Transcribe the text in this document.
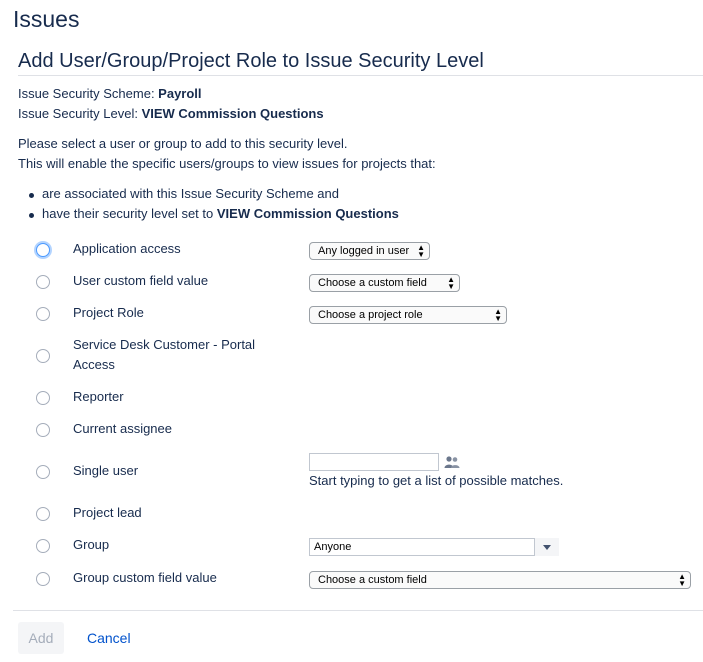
Issues
Add User/Group/Project Role to Issue Security Level
Issue Security Scheme: Payroll
Issue Security Level: VIEW Commission Questions
Please select a user or group to add to this security level.
This will enable the specific users/groups to view issues for projects that:
are associated with this Issue Security Scheme and
have their security level set to VIEW Commission Questions
Application access	Any logged in user ▲
▼
User custom field value	Choose a custom field	▲
▼
Project Role	Choose a project role	▲
▼
Service Desk Customer - Portal
Access
Reporter
Current assignee
Single user
Start typing to get a list of possible matches.
Project lead
Group	Anyone
Group custom field value	Choose a custom field	▲
▼
Add	Cancel
